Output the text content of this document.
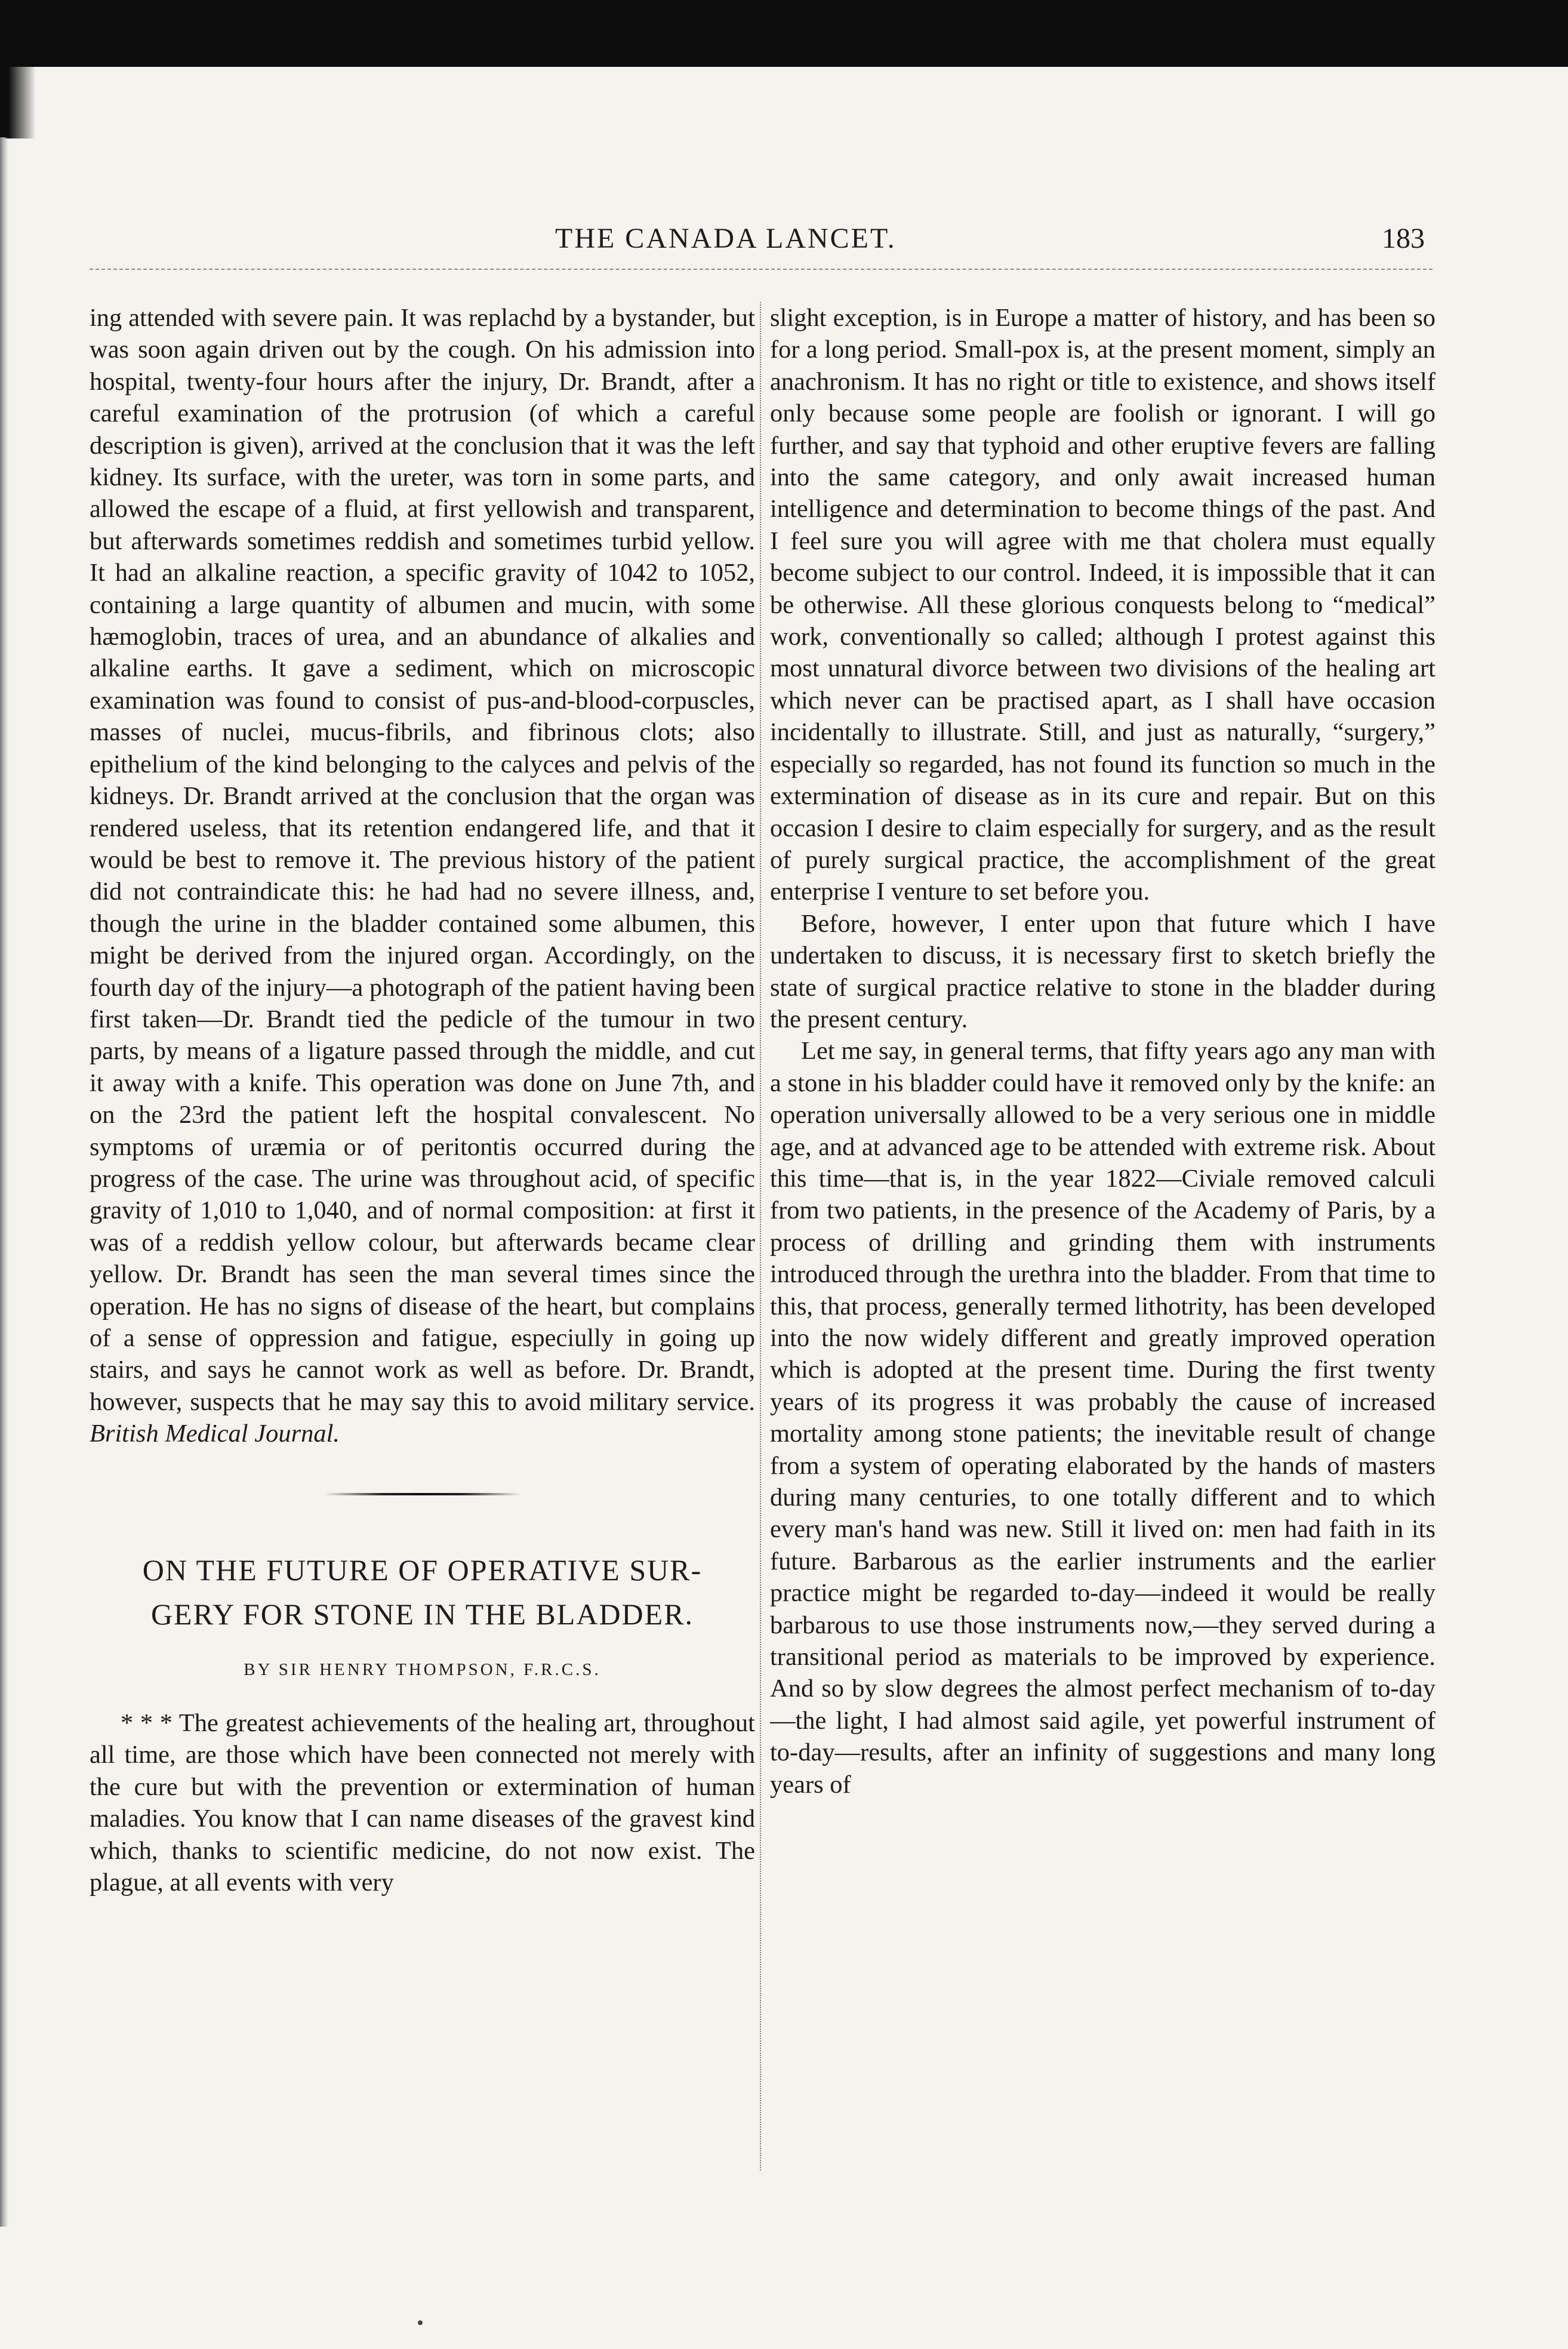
THE CANADA LANCET.	183

ing attended with severe pain. It was replachd by a bystander, but was soon again driven out by the cough. On his admission into hospital, twenty-four hours after the injury, Dr. Brandt, after a careful examination of the protrusion (of which a careful description is given), arrived at the conclusion that it was the left kidney. Its surface, with the ureter, was torn in some parts, and allowed the escape of a fluid, at first yellowish and transparent, but afterwards sometimes reddish and sometimes turbid yellow. It had an alkaline reaction, a specific gravity of 1042 to 1052, containing a large quantity of albumen and mucin, with some hæmoglobin, traces of urea, and an abundance of alkalies and alkaline earths. It gave a sediment, which on microscopic examination was found to consist of pus-and-blood-corpuscles, masses of nuclei, mucus-fibrils, and fibrinous clots; also epithelium of the kind belonging to the calyces and pelvis of the kidneys. Dr. Brandt arrived at the conclusion that the organ was rendered useless, that its retention endangered life, and that it would be best to remove it. The previous history of the patient did not contraindicate this: he had had no severe illness, and, though the urine in the bladder contained some albumen, this might be derived from the injured organ. Accordingly, on the fourth day of the injury—a photograph of the patient having been first taken—Dr. Brandt tied the pedicle of the tumour in two parts, by means of a ligature passed through the middle, and cut it away with a knife. This operation was done on June 7th, and on the 23rd the patient left the hospital convalescent. No symptoms of uræmia or of peritontis occurred during the progress of the case. The urine was throughout acid, of specific gravity of 1,010 to 1,040, and of normal composition: at first it was of a reddish yellow colour, but afterwards became clear yellow. Dr. Brandt has seen the man several times since the operation. He has no signs of disease of the heart, but complains of a sense of oppression and fatigue, especiully in going up stairs, and says he cannot work as well as before. Dr. Brandt, however, suspects that he may say this to avoid military service. British Medical Journal.

ON THE FUTURE OF OPERATIVE SUR-
GERY FOR STONE IN THE BLADDER.
BY SIR HENRY THOMPSON, F.R.C.S.

* * * The greatest achievements of the healing art, throughout all time, are those which have been connected not merely with the cure but with the prevention or extermination of human maladies. You know that I can name diseases of the gravest kind which, thanks to scientific medicine, do not now exist. The plague, at all events with very

slight exception, is in Europe a matter of history, and has been so for a long period. Small-pox is, at the present moment, simply an anachronism. It has no right or title to existence, and shows itself only because some people are foolish or ignorant. I will go further, and say that typhoid and other eruptive fevers are falling into the same category, and only await increased human intelligence and determination to become things of the past. And I feel sure you will agree with me that cholera must equally become subject to our control. Indeed, it is impossible that it can be otherwise. All these glorious conquests belong to “medical” work, conventionally so called; although I protest against this most unnatural divorce between two divisions of the healing art which never can be practised apart, as I shall have occasion incidentally to illustrate. Still, and just as naturally, “surgery,” especially so regarded, has not found its function so much in the extermination of disease as in its cure and repair. But on this occasion I desire to claim especially for surgery, and as the result of purely surgical practice, the accomplishment of the great enterprise I venture to set before you.

Before, however, I enter upon that future which I have undertaken to discuss, it is necessary first to sketch briefly the state of surgical practice relative to stone in the bladder during the present century.

Let me say, in general terms, that fifty years ago any man with a stone in his bladder could have it removed only by the knife: an operation universally allowed to be a very serious one in middle age, and at advanced age to be attended with extreme risk. About this time—that is, in the year 1822—Civiale removed calculi from two patients, in the presence of the Academy of Paris, by a process of drilling and grinding them with instruments introduced through the urethra into the bladder. From that time to this, that process, generally termed lithotrity, has been developed into the now widely different and greatly improved operation which is adopted at the present time. During the first twenty years of its progress it was probably the cause of increased mortality among stone patients; the inevitable result of change from a system of operating elaborated by the hands of masters during many centuries, to one totally different and to which every man's hand was new. Still it lived on: men had faith in its future. Barbarous as the earlier instruments and the earlier practice might be regarded to-day—indeed it would be really barbarous to use those instruments now,—they served during a transitional period as materials to be improved by experience. And so by slow degrees the almost perfect mechanism of to-day—the light, I had almost said agile, yet powerful instrument of to-day—results, after an infinity of suggestions and many long years of
